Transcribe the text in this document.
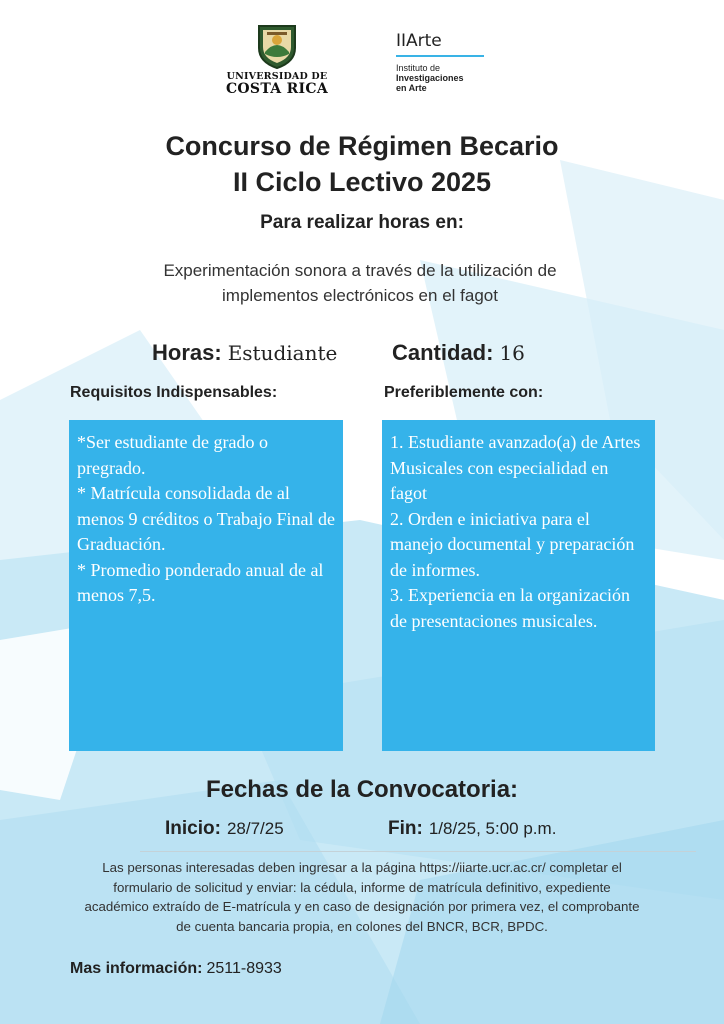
UNIVERSIDAD DE
COSTA RICA
IIArte
Instituto de
Investigaciones
en Arte
Concurso de Régimen Becario
II Ciclo Lectivo 2025
Para realizar horas en:
Experimentación sonora a través de la utilización de
implementos electrónicos en el fagot
Horas: Estudiante Cantidad: 16
Requisitos Indispensables:	Preferiblemente con:

*Ser estudiante de grado o pregrado.

* Matrícula consolidada de al menos 9 créditos o Trabajo Final de Graduación.

* Promedio ponderado anual de al menos 7,5.

1. Estudiante avanzado(a) de Artes Musicales con especialidad en fagot

2. Orden e iniciativa para el manejo documental y preparación de informes.

3. Experiencia en la organización de presentaciones musicales.

Fechas de la Convocatoria:
Inicio: 28/7/25	Fin: 1/8/25, 5:00 p.m.
Las personas interesadas deben ingresar a la página https://iiarte.ucr.ac.cr/ completar el
formulario de solicitud y enviar: la cédula, informe de matrícula definitivo, expediente
académico extraído de E-matrícula y en caso de designación por primera vez, el comprobante
de cuenta bancaria propia, en colones del BNCR, BCR, BPDC.
Mas información: 2511-8933
